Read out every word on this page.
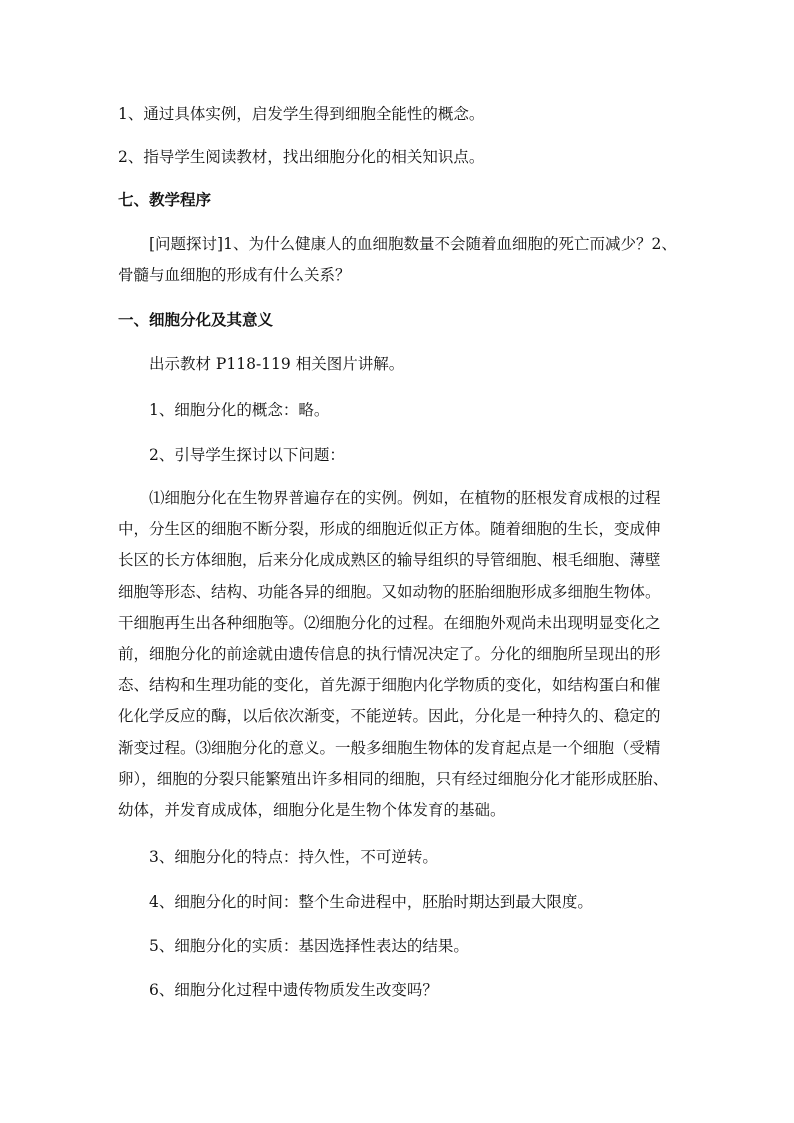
1、通过具体实例，启发学生得到细胞全能性的概念。
2、指导学生阅读教材，找出细胞分化的相关知识点。
七、教学程序
[问题探讨]1、为什么健康人的血细胞数量不会随着血细胞的死亡而减少？2、
骨髓与血细胞的形成有什么关系？
一、细胞分化及其意义
出示教材 P118-119 相关图片讲解。
1、细胞分化的概念：略。
2、引导学生探讨以下问题：
⑴细胞分化在生物界普遍存在的实例。例如，在植物的胚根发育成根的过程
中，分生区的细胞不断分裂，形成的细胞近似正方体。随着细胞的生长，变成伸
长区的长方体细胞，后来分化成成熟区的输导组织的导管细胞、根毛细胞、薄壁
细胞等形态、结构、功能各异的细胞。又如动物的胚胎细胞形成多细胞生物体。
干细胞再生出各种细胞等。⑵细胞分化的过程。在细胞外观尚未出现明显变化之
前，细胞分化的前途就由遗传信息的执行情况决定了。分化的细胞所呈现出的形
态、结构和生理功能的变化，首先源于细胞内化学物质的变化，如结构蛋白和催
化化学反应的酶，以后依次渐变，不能逆转。因此，分化是一种持久的、稳定的
渐变过程。⑶细胞分化的意义。一般多细胞生物体的发育起点是一个细胞（受精
卵），细胞的分裂只能繁殖出许多相同的细胞，只有经过细胞分化才能形成胚胎、
幼体，并发育成成体，细胞分化是生物个体发育的基础。
3、细胞分化的特点：持久性，不可逆转。
4、细胞分化的时间：整个生命进程中，胚胎时期达到最大限度。
5、细胞分化的实质：基因选择性表达的结果。
6、细胞分化过程中遗传物质发生改变吗？
